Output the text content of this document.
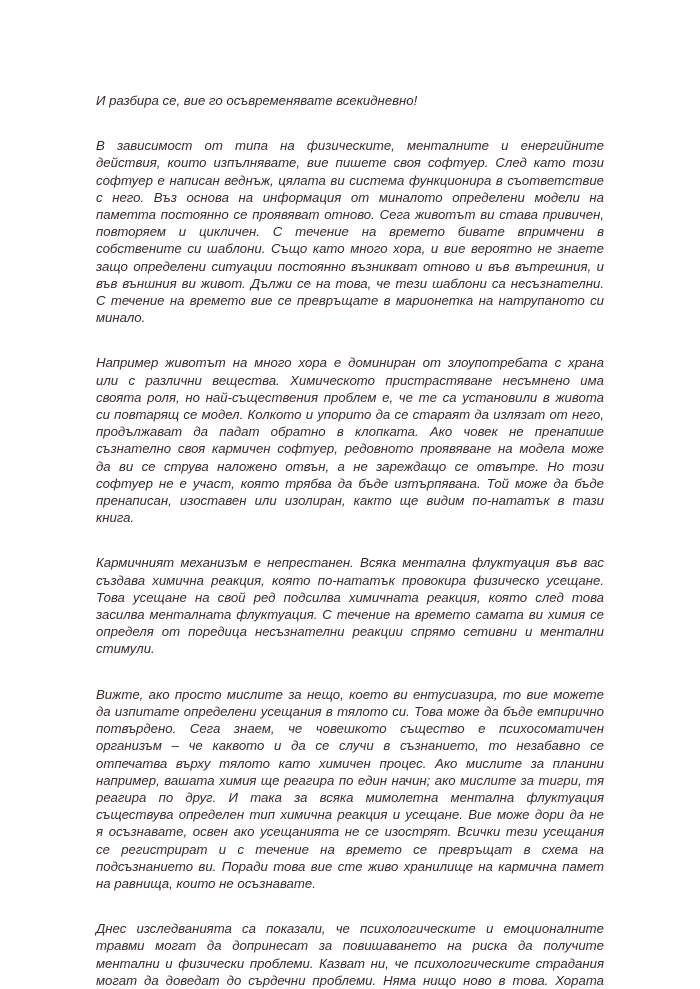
И разбира се, вие го осъвременявате всекидневно!

В зависимост от типа на физическите, менталните и енергийните
действия, които изпълнявате, вие пишете своя софтуер. След като този
софтуер е написан веднъж, цялата ви система функционира в съответствие
с него. Въз основа на информация от миналото определени модели на
паметта постоянно се проявяват отново. Сега животът ви става привичен,
повторяем и цикличен. С течение на времето бивате впримчени в
собствените си шаблони. Също като много хора, и вие вероятно не знаете
защо определени ситуации постоянно възникват отново и във вътрешния, и
във външния ви живот. Дължи се на това, че тези шаблони са несъзнателни.
С течение на времето вие се превръщате в марионетка на натрупаното си
минало.

Например животът на много хора е доминиран от злоупотребата с храна
или с различни вещества. Химическото пристрастяване несъмнено има
своята роля, но най-съществения проблем е, че те са установили в живота
си повтарящ се модел. Колкото и упорито да се стараят да излязат от него,
продължават да падат обратно в клопката. Ако човек не пренапише
съзнателно своя кармичен софтуер, редовното проявяване на модела може
да ви се струва наложено отвън, а не зареждащо се отвътре. Но този
софтуер не е участ, която трябва да бъде изтърпявана. Той може да бъде
пренаписан, изоставен или изолиран, както ще видим по-нататък в тази
книга.

Кармичният механизъм е непрестанен. Всяка ментална флуктуация във вас
създава химична реакция, която по-нататък провокира физическо усещане.
Това усещане на свой ред подсилва химичната реакция, която след това
засилва менталната флуктуация. С течение на времето самата ви химия се
определя от поредица несъзнателни реакции спрямо сетивни и ментални
стимули.

Вижте, ако просто мислите за нещо, което ви ентусиазира, то вие можете
да изпитате определени усещания в тялото си. Това може да бъде емпирично
потвърдено. Сега знаем, че човешкото същество е психосоматичен
организъм – че каквото и да се случи в съзнанието, то незабавно се
отпечатва върху тялото като химичен процес. Ако мислите за планини
например, вашата химия ще реагира по един начин; ако мислите за тигри, тя
реагира по друг. И така за всяка мимолетна ментална флуктуация
съществува определен тип химична реакция и усещане. Вие може дори да не
я осъзнавате, освен ако усещанията не се изострят. Всички тези усещания
се регистрират и с течение на времето се превръщат в схема на
подсъзнанието ви. Поради това вие сте живо хранилище на кармична памет
на равнища, които не осъзнавате.

Днес изследванията са показали, че психологическите и емоционалните
травми могат да допринесат за повишаването на риска да получите
ментални и физически проблеми. Казват ни, че психологическите страдания
могат да доведат до сърдечни проблеми. Няма нищо ново в това. Хората
